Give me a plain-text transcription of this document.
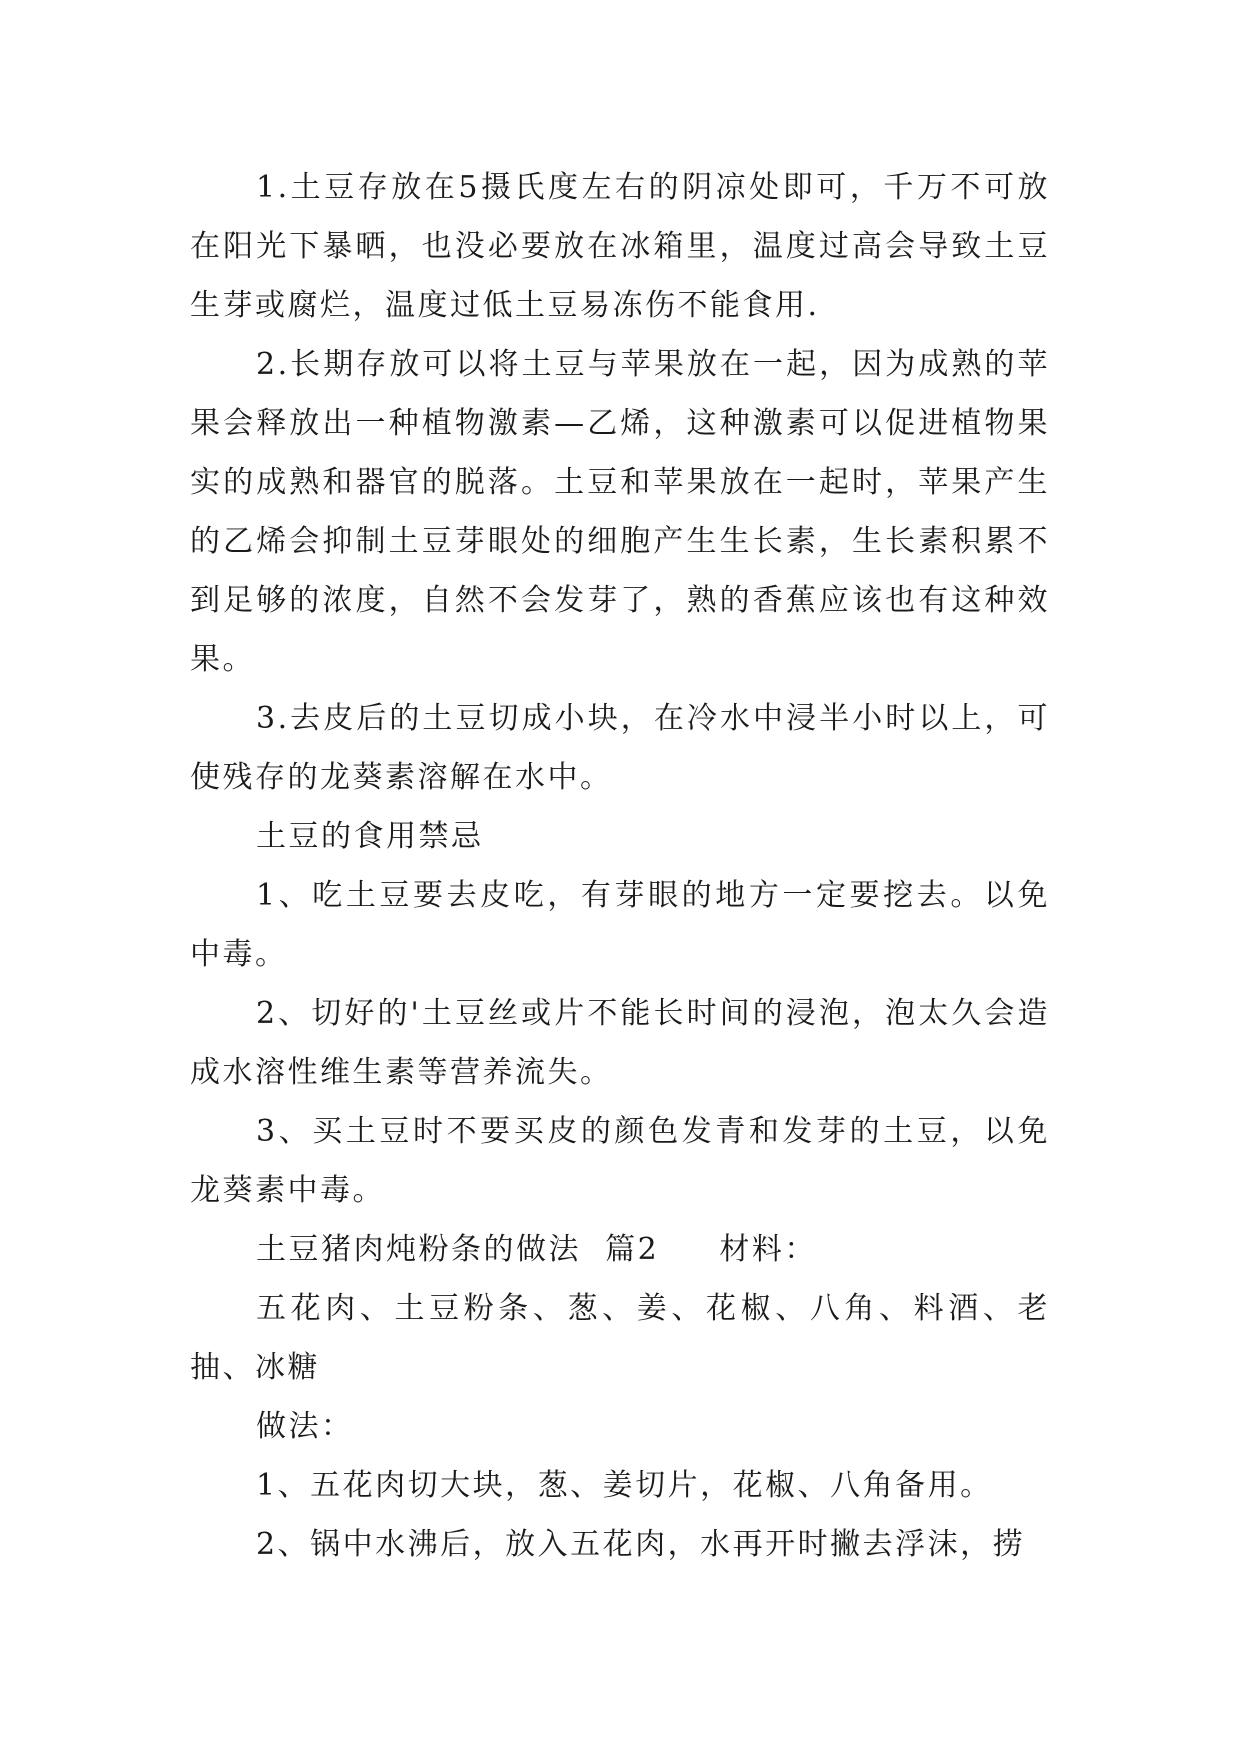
1.土豆存放在5摄氏度左右的阴凉处即可，千万不可放在阳光下暴晒，也没必要放在冰箱里，温度过高会导致土豆生芽或腐烂，温度过低土豆易冻伤不能食用.

2.长期存放可以将土豆与苹果放在一起，因为成熟的苹果会释放出一种植物激素—乙烯，这种激素可以促进植物果实的成熟和器官的脱落。土豆和苹果放在一起时，苹果产生的乙烯会抑制土豆芽眼处的细胞产生生长素，生长素积累不到足够的浓度，自然不会发芽了，熟的香蕉应该也有这种效果。

3.去皮后的土豆切成小块，在冷水中浸半小时以上，可使残存的龙葵素溶解在水中。

土豆的食用禁忌

1、吃土豆要去皮吃，有芽眼的地方一定要挖去。以免中毒。

2、切好的'土豆丝或片不能长时间的浸泡，泡太久会造成水溶性维生素等营养流失。

3、买土豆时不要买皮的颜色发青和发芽的土豆，以免龙葵素中毒。

土豆猪肉炖粉条的做法  篇2     材料：

五花肉、土豆粉条、葱、姜、花椒、八角、料酒、老抽、冰糖

做法：

1、五花肉切大块，葱、姜切片，花椒、八角备用。

2、锅中水沸后，放入五花肉，水再开时撇去浮沫，捞
